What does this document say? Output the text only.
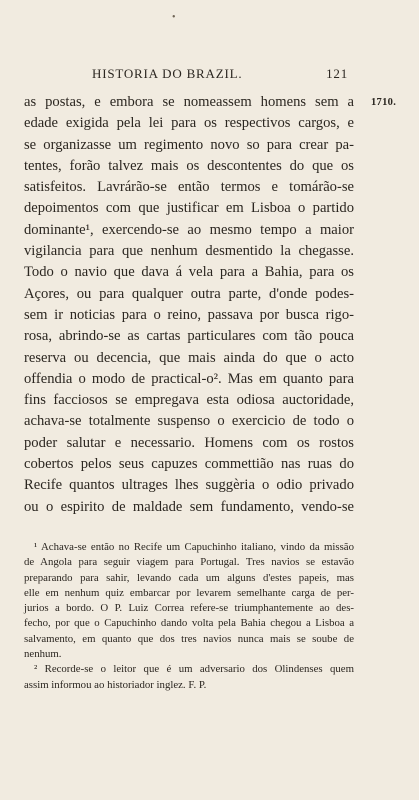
•
HISTORIA DO BRAZIL.	121
1710.
as postas, e embora se nomeassem homens sem a
edade exigida pela lei para os respectivos cargos, e
se organizasse um regimento novo so para crear pa-
tentes, forão talvez mais os descontentes do que os
satisfeitos. Lavrárão-se então termos e tomárão-se
depoimentos com que justificar em Lisboa o partido
dominante¹, exercendo-se ao mesmo tempo a maior
vigilancia para que nenhum desmentido la chegasse.
Todo o navio que dava á vela para a Bahia, para os
Açores, ou para qualquer outra parte, d'onde podes-
sem ir noticias para o reino, passava por busca rigo-
rosa, abrindo-se as cartas particulares com tão pouca
reserva ou decencia, que mais ainda do que o acto
offendia o modo de practical-o². Mas em quanto para
fins facciosos se empregava esta odiosa auctoridade,
achava-se totalmente suspenso o exercicio de todo o
poder salutar e necessario. Homens com os rostos
cobertos pelos seus capuzes commettião nas ruas do
Recife quantos ultrages lhes suggèria o odio privado
ou o espirito de maldade sem fundamento, vendo-se
¹ Achava-se então no Recife um Capuchinho italiano, vindo da missão
de Angola para seguir viagem para Portugal. Tres navios se estavão
preparando para sahir, levando cada um alguns d'estes papeis, mas
elle em nenhum quiz embarcar por levarem semelhante carga de per-
jurios a bordo. O P. Luiz Correa refere-se triumphantemente ao des-
fecho, por que o Capuchinho dando volta pela Bahia chegou a Lisboa a
salvamento, em quanto que dos tres navios nunca mais se soube de
nenhum.
² Recorde-se o leitor que é um adversario dos Olindenses quem
assim informou ao historiador inglez. F. P.
